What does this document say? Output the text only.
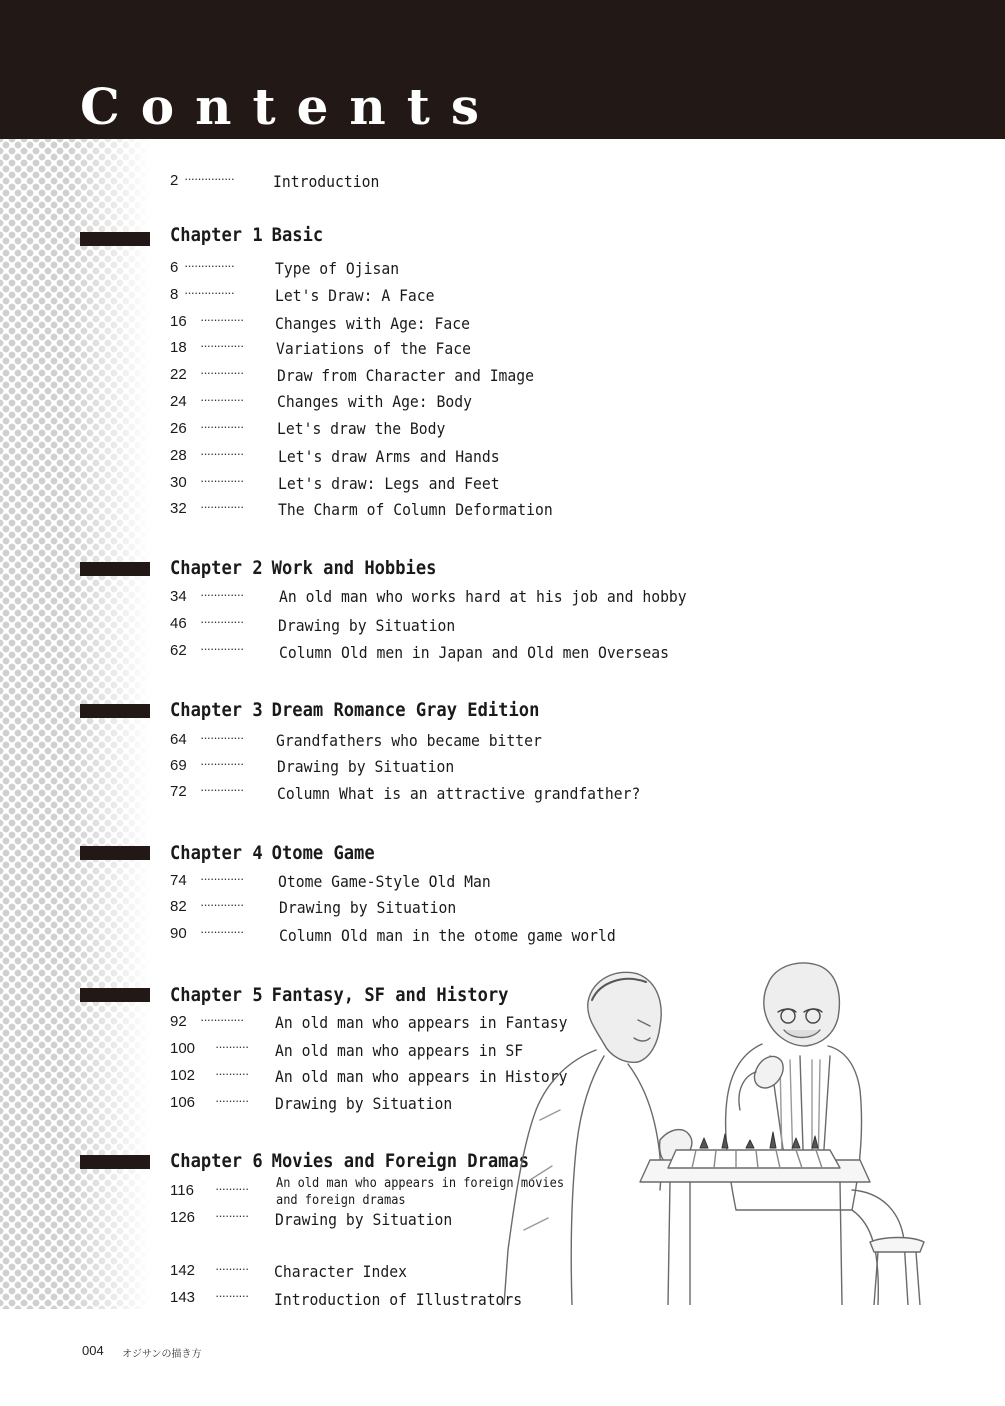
Contents
2 ··············· Introduction
Chapter 1 Basic
6 ···············	Type of Ojisan
8 ···············	Let's Draw: A Face
16 ············· Changes with Age: Face
18 ············· Variations of the Face
22 ············· Draw from Character and Image
24 ············· Changes with Age: Body
26 ············· Let's draw the Body
28 ············· Let's draw Arms and Hands
30 ············· Let's draw: Legs and Feet
32 ············· The Charm of Column Deformation
Chapter 2 Work and Hobbies
34 ············· An old man who works hard at his job and hobby
46 ············· Drawing by Situation
62 ············· Column Old men in Japan and Old men Overseas
Chapter 3 Dream Romance Gray Edition
64 ············· Grandfathers who became bitter
69 ············· Drawing by Situation
72 ············· Column What is an attractive grandfather?
Chapter 4 Otome Game
74 ············· Otome Game-Style Old Man
82 ············· Drawing by Situation
90 ············· Column Old man in the otome game world
Chapter 5 Fantasy, SF and History
92 ············· An old man who appears in Fantasy
100 ·········· An old man who appears in SF
102 ·········· An old man who appears in History
106 ·········· Drawing by Situation
Chapter 6 Movies and Foreign Dramas
116 ·········· An old man who appears in foreign movies and foreign dramas
126 ·········· Drawing by Situation
142 ·········· Character Index
143 ·········· Introduction of Illustrators
004 オジサンの描き方
